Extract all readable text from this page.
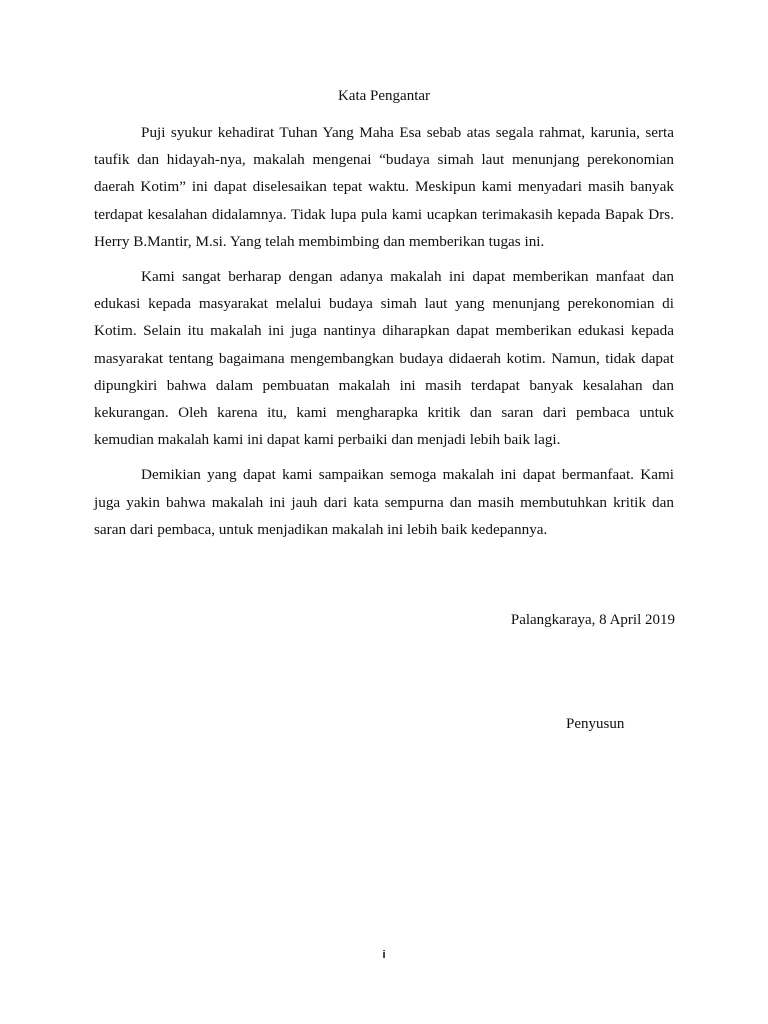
Kata Pengantar

Puji syukur kehadirat Tuhan Yang Maha Esa sebab atas segala rahmat, karunia, serta taufik dan hidayah-nya, makalah mengenai “budaya simah laut menunjang perekonomian daerah Kotim” ini dapat diselesaikan tepat waktu. Meskipun kami menyadari masih banyak terdapat kesalahan didalamnya. Tidak lupa pula kami ucapkan terimakasih kepada Bapak Drs. Herry B.Mantir, M.si. Yang telah membimbing dan memberikan tugas ini.

Kami sangat berharap dengan adanya makalah ini dapat memberikan manfaat dan edukasi kepada masyarakat melalui budaya simah laut yang menunjang perekonomian di Kotim. Selain itu makalah ini juga nantinya diharapkan dapat memberikan edukasi kepada masyarakat tentang bagaimana mengembangkan budaya didaerah kotim. Namun, tidak dapat dipungkiri bahwa dalam pembuatan makalah ini masih terdapat banyak kesalahan dan kekurangan. Oleh karena itu, kami mengharapka kritik dan saran dari pembaca untuk kemudian makalah kami ini dapat kami perbaiki dan menjadi lebih baik lagi.

Demikian yang dapat kami sampaikan semoga makalah ini dapat bermanfaat. Kami juga yakin bahwa makalah ini jauh dari kata sempurna dan masih membutuhkan kritik dan saran dari pembaca, untuk menjadikan makalah ini lebih baik kedepannya.

Palangkaraya, 8 April 2019
Penyusun
i
